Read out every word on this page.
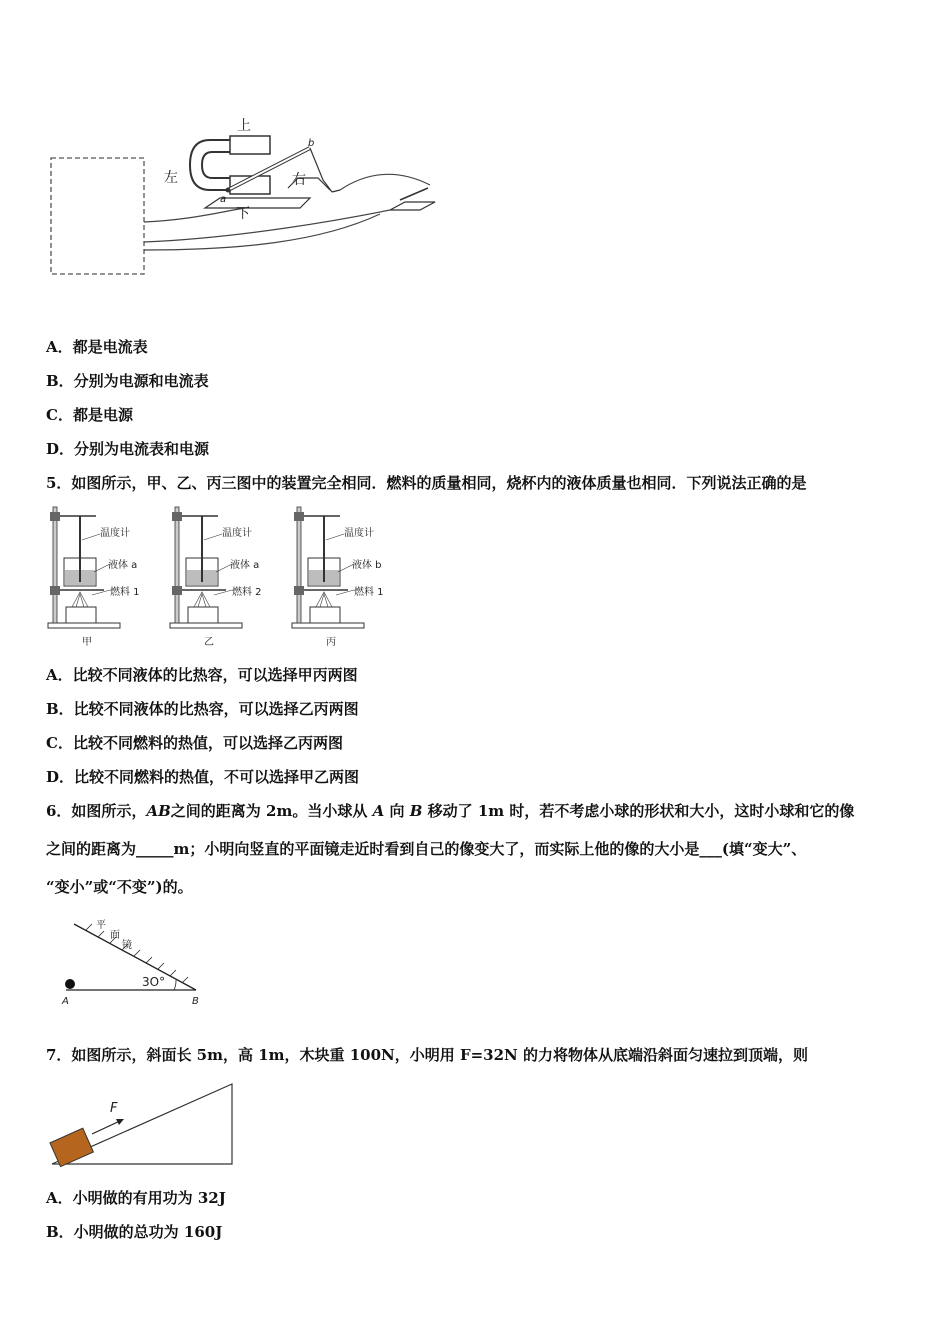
上
左	右
下
a
b
A．都是电流表
B．分别为电源和电流表
C．都是电源
D．分别为电流表和电源
5．如图所示，甲、乙、丙三图中的装置完全相同．燃料的质量相同，烧杯内的液体质量也相同．下列说法正确的是
温度计
液体 a
燃料 1
甲
温度计
液体 a
燃料 2
乙
温度计
液体 b
燃料 1
丙
A．比较不同液体的比热容，可以选择甲丙两图
B．比较不同液体的比热容，可以选择乙丙两图
C．比较不同燃料的热值，可以选择乙丙两图
D．比较不同燃料的热值，不可以选择甲乙两图
6．如图所示，AB之间的距离为 2m。当小球从 A 向 B 移动了 1m 时，若不考虑小球的形状和大小，这时小球和它的像
之间的距离为_____m；小明向竖直的平面镜走近时看到自己的像变大了，而实际上他的像的大小是___(填“变大”、
“变小”或“不变”)的。
平
面
镜
3O°
A	B
7．如图所示，斜面长 5m，高 1m，木块重 100N，小明用 F=32N 的力将物体从底端沿斜面匀速拉到顶端，则
F
A．小明做的有用功为 32J
B．小明做的总功为 160J
